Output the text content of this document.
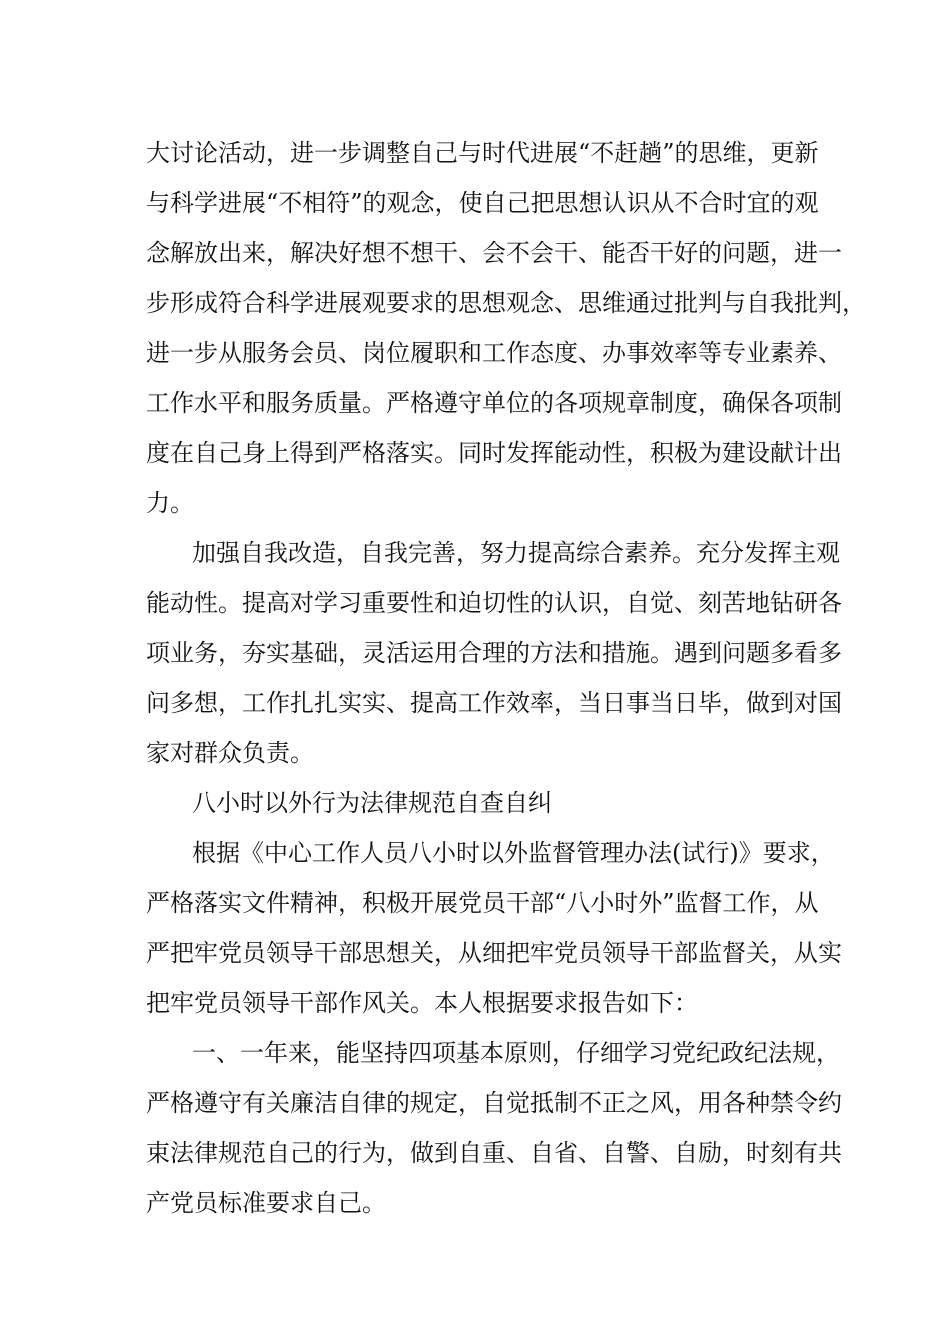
大讨论活动，进一步调整自己与时代进展“不赶趟”的思维，更新
与科学进展“不相符”的观念，使自己把思想认识从不合时宜的观
念解放出来，解决好想不想干、会不会干、能否干好的问题，进一
步形成符合科学进展观要求的思想观念、思维通过批判与自我批判，
进一步从服务会员、岗位履职和工作态度、办事效率等专业素养、
工作水平和服务质量。严格遵守单位的各项规章制度，确保各项制
度在自己身上得到严格落实。同时发挥能动性，积极为建设献计出
力。
加强自我改造，自我完善，努力提高综合素养。充分发挥主观
能动性。提高对学习重要性和迫切性的认识，自觉、刻苦地钻研各
项业务，夯实基础，灵活运用合理的方法和措施。遇到问题多看多
问多想，工作扎扎实实、提高工作效率，当日事当日毕，做到对国
家对群众负责。
八小时以外行为法律规范自查自纠
根据《中心工作人员八小时以外监督管理办法(试行)》要求，
严格落实文件精神，积极开展党员干部“八小时外”监督工作，从
严把牢党员领导干部思想关，从细把牢党员领导干部监督关，从实
把牢党员领导干部作风关。本人根据要求报告如下：
一、一年来，能坚持四项基本原则，仔细学习党纪政纪法规，
严格遵守有关廉洁自律的规定，自觉抵制不正之风，用各种禁令约
束法律规范自己的行为，做到自重、自省、自警、自励，时刻有共
产党员标准要求自己。
